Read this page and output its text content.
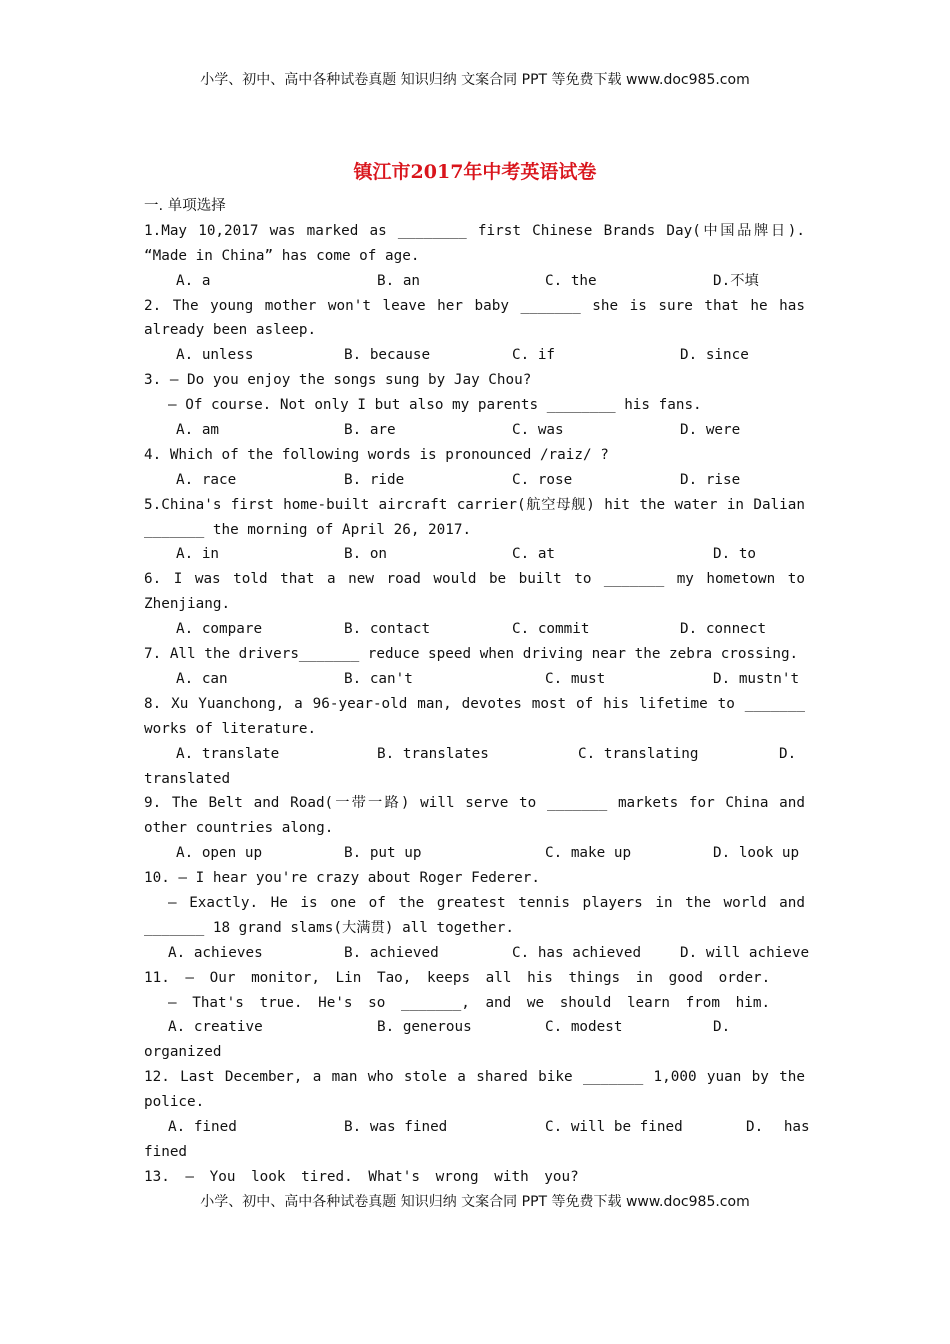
小学、初中、高中各种试卷真题 知识归纳 文案合同 PPT 等免费下载 www.doc985.com
镇江市2017年中考英语试卷
一. 单项选择
1.May 10,2017 was marked as ________ first Chinese Brands Day(中国品牌日).
“Made in China” has come of age.
A. a	B. an	C. the	D.不填
2. The young mother won't leave her baby _______ she is sure that he has
already been asleep.
A. unless	B. because	C. if	D. since
3. — Do you enjoy the songs sung by Jay Chou?
— Of course. Not only I but also my parents ________ his fans.
A. am	B. are	C. was	D. were
4. Which of the following words is pronounced /raiz/ ?
A. race	B. ride	C. rose	D. rise
5.China's first home-built aircraft carrier(航空母舰) hit the water in Dalian
_______ the morning of April 26, 2017.
A. in	B. on	C. at	D. to
6. I was told that a new road would be built to _______ my hometown to
Zhenjiang.
A. compare	B. contact	C. commit	D. connect
7. All the drivers_______ reduce speed when driving near the zebra crossing.
A. can	B. can't	C. must	D. mustn't
8. Xu Yuanchong, a 96-year-old man, devotes most of his lifetime to _______
works of literature.
A. translate	B. translates	C. translating	D.
translated
9. The Belt and Road(一带一路) will serve to _______ markets for China and
other countries along.
A. open up	B. put up	C. make up	D. look up
10. — I hear you're crazy about Roger Federer.
— Exactly. He is one of the greatest tennis players in the world and
_______ 18 grand slams(大满贯) all together.
A. achieves	B. achieved	C. has achieved	D. will achieve
11. — Our monitor, Lin Tao, keeps all his things in good order.
— That's true. He's so _______, and we should learn from him.
A. creative	B. generous	C. modest	D.
organized
12. Last December, a man who stole a shared bike _______ 1,000 yuan by the
police.
A. fined	B. was fined	C. will be fined	D. has
fined
13. — You look tired. What's wrong with you?
小学、初中、高中各种试卷真题 知识归纳 文案合同 PPT 等免费下载 www.doc985.com
